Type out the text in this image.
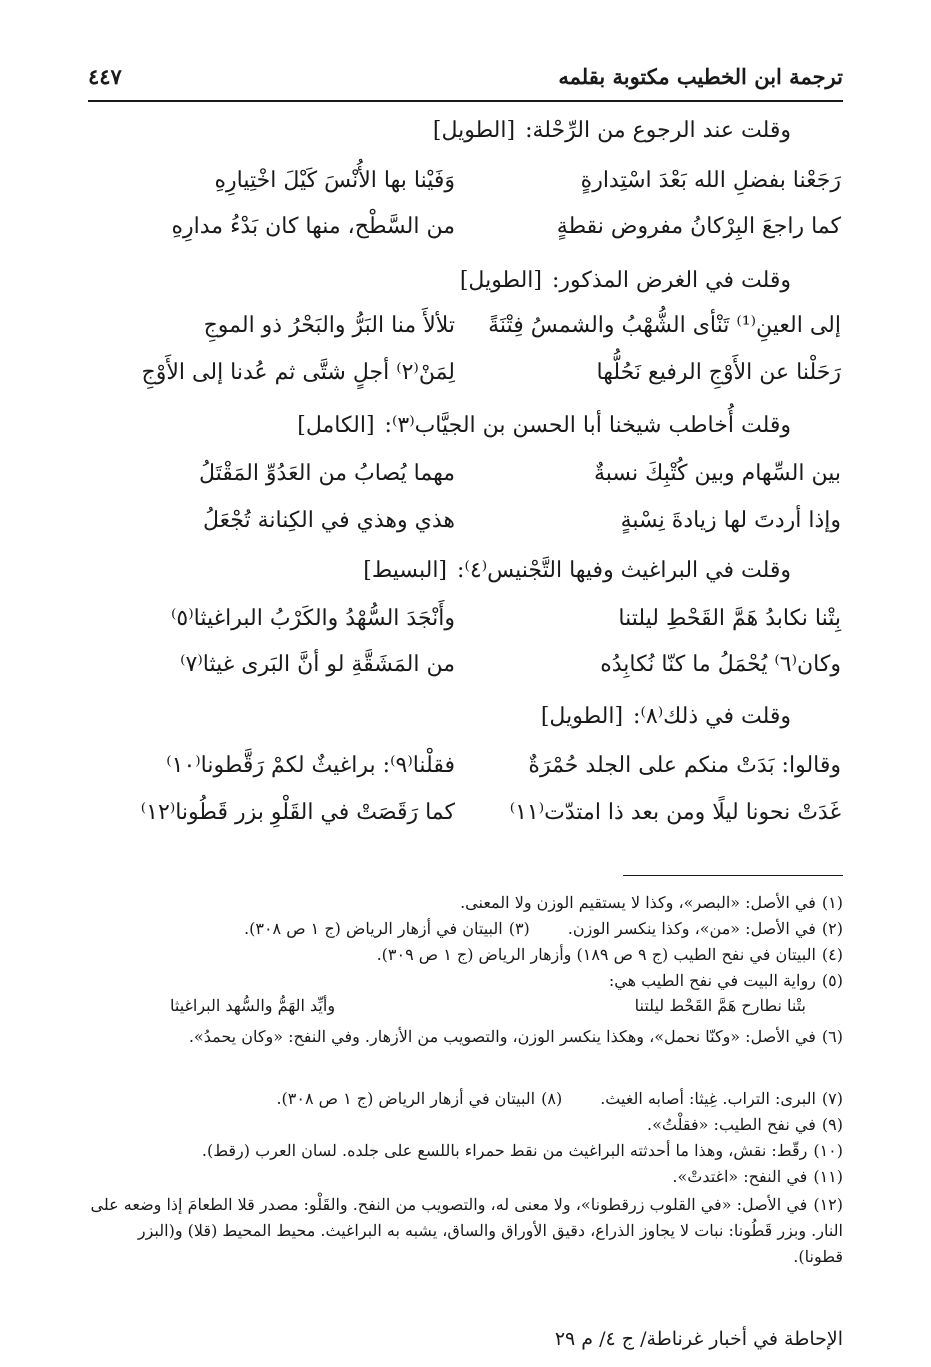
ترجمة ابن الخطيب مكتوبة بقلمه
٤٤٧
وقلت عند الرجوع من الرِّحْلة:[الطويل]
رَجَعْنا بفضلِ الله بَعْدَ اسْتِدارةٍ
وَفَيْنا بها الأُنْسَ كَيْلَ اخْتِيارِهِ
كما راجعَ البِرْكانُ مفروض نقطةٍ
من السَّطْح، منها كان بَدْءُ مدارِهِ
وقلت في الغرض المذكور:[الطويل]
إلى العينِ⁽¹⁾ تَنْأى الشُّهْبُ والشمسُ فِتْنَةً
تلألأَ منا البَرُّ والبَحْرُ ذو الموجِ
رَحَلْنا عن الأَوْجِ الرفيع نَحُلُّها
لِمَنْ⁽٢⁾ أجلٍ شتَّى ثم عُدنا إلى الأَوْجِ
وقلت أُخاطب شيخنا أبا الحسن بن الجيَّاب⁽٣⁾:[الكامل]
بين السِّهام وبين كُتْبِكَ نسبةٌ
مهما يُصابُ من العَدُوِّ المَقْتَلُ
وإذا أردتَ لها زيادةَ نِسْبةٍ
هذي وهذي في الكِنانة تُجْعَلُ
وقلت في البراغيث وفيها التَّجْنيس⁽٤⁾:[البسيط]
بِتْنا نكابدُ هَمَّ القَحْطِ ليلتنا
وأَنْجَدَ السُّهْدُ والكَرْبُ البراغيثا⁽٥⁾
وكان⁽٦⁾ يُحْمَلُ ما كنّا نُكابِدُه
من المَشَقَّةِ لو أنَّ البَرى غيثا⁽٧⁾
وقلت في ذلك⁽٨⁾:[الطويل]
وقالوا: بَدَتْ منكم على الجلد حُمْرَةٌ
فقلْنا⁽٩⁾: براغيثٌ لكمْ رَقَّطونا⁽١٠⁾
غَدَتْ نحونا ليلًا ومن بعد ذا امتدّت⁽١١⁾
كما رَقَصَتْ في القَلْوِ بزر قَطُونا⁽١٢⁾
(١)في الأصل: «البصر»، وكذا لا يستقيم الوزن ولا المعنى.
(٢)في الأصل: «من»، وكذا ينكسر الوزن.(٣)البيتان في أزهار الرياض (ج ١ ص ٣٠٨).
(٤)البيتان في نفح الطيب (ج ٩ ص ١٨٩) وأزهار الرياض (ج ١ ص ٣٠٩).
(٥)رواية البيت في نفح الطيب هي:
بتْنا نطارح هَمَّ القَحْط ليلتنا
وأيِّد الهَمُّ والسُّهد البراغيثا
(٦)في الأصل: «وكنّا نحمل»، وهكذا ينكسر الوزن، والتصويب من الأزهار. وفي النفح: «وكان يحمدُ».
(٧)البرى: التراب. غِيثا: أصابه الغيث.(٨)البيتان في أزهار الرياض (ج ١ ص ٣٠٨).
(٩)في نفح الطيب: «فقلْتُ».
(١٠)رقّط: نقش، وهذا ما أحدثته البراغيث من نقط حمراء باللسع على جلده. لسان العرب (رقط).
(١١)في النفح: «اغتدتْ».
(١٢)في الأصل: «في القلوب زرقطونا»، ولا معنى له، والتصويب من النفح. والقَلْو: مصدر قلا الطعامَ إذا وضعه على النار. وبزر قَطُونا: نبات لا يجاوز الذراع، دقيق الأوراق والساق، يشبه به البراغيث. محيط المحيط (قلا) و(البزر قطونا).
الإحاطة في أخبار غرناطة/ ج ٤/ م ٢٩
